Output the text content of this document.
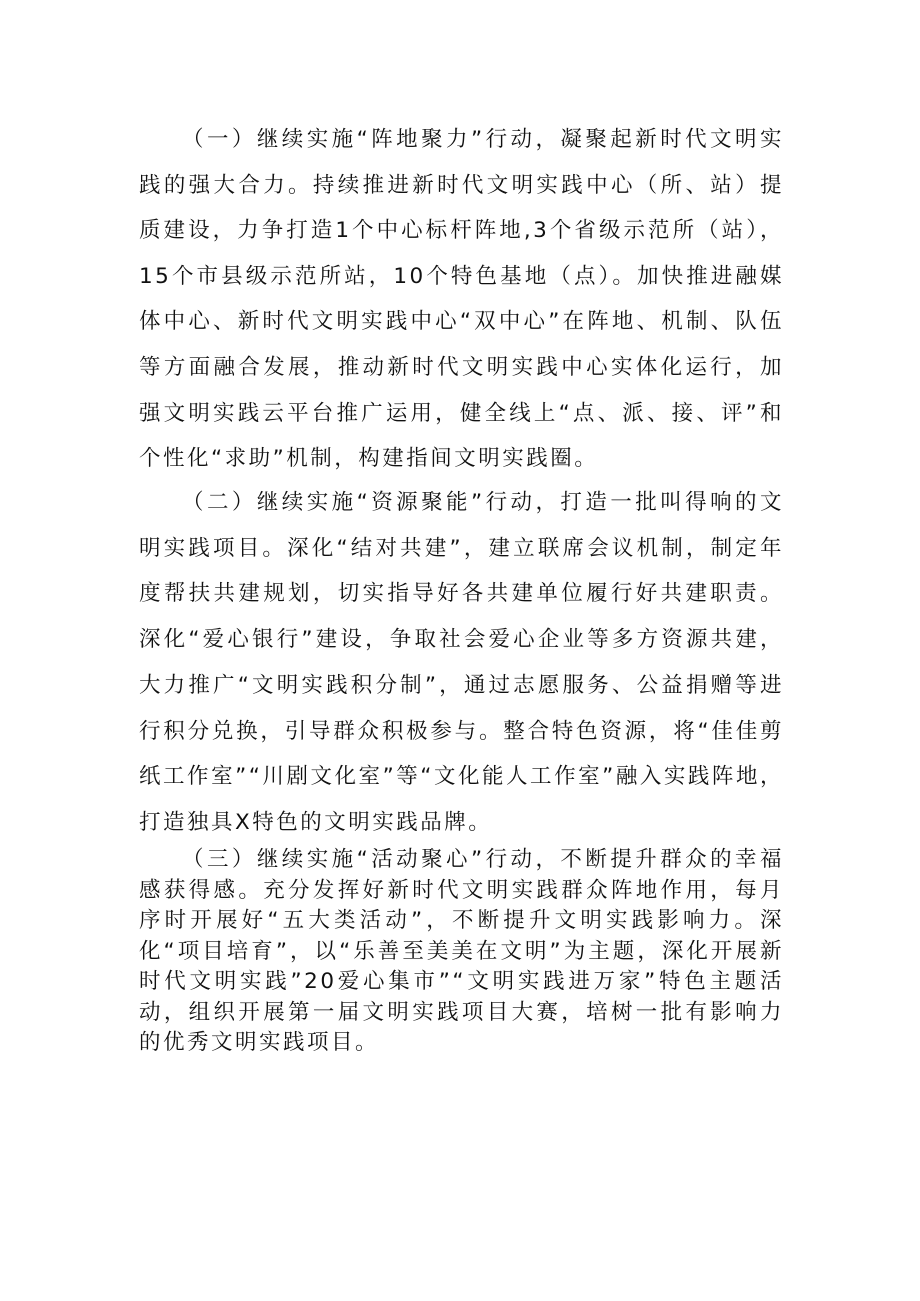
（一）继续实施“阵地聚力”行动，凝聚起新时代文明实践的强大合力。持续推进新时代文明实践中心（所、站）提质建设，力争打造1个中心标杆阵地,3个省级示范所（站），15个市县级示范所站，10个特色基地（点）。加快推进融媒体中心、新时代文明实践中心“双中心”在阵地、机制、队伍等方面融合发展，推动新时代文明实践中心实体化运行，加强文明实践云平台推广运用，健全线上“点、派、接、评”和个性化“求助”机制，构建指间文明实践圈。

（二）继续实施“资源聚能”行动，打造一批叫得响的文明实践项目。深化“结对共建”，建立联席会议机制，制定年度帮扶共建规划，切实指导好各共建单位履行好共建职责。深化“爱心银行”建设，争取社会爱心企业等多方资源共建，大力推广“文明实践积分制”，通过志愿服务、公益捐赠等进行积分兑换，引导群众积极参与。整合特色资源，将“佳佳剪纸工作室”“川剧文化室”等“文化能人工作室”融入实践阵地，打造独具X特色的文明实践品牌。

（三）继续实施“活动聚心”行动，不断提升群众的幸福感获得感。充分发挥好新时代文明实践群众阵地作用，每月序时开展好“五大类活动”，不断提升文明实践影响力。深化“项目培育”，以“乐善至美美在文明”为主题，深化开展新时代文明实践”20爱心集市”“文明实践进万家”特色主题活动，组织开展第一届文明实践项目大赛，培树一批有影响力的优秀文明实践项目。
